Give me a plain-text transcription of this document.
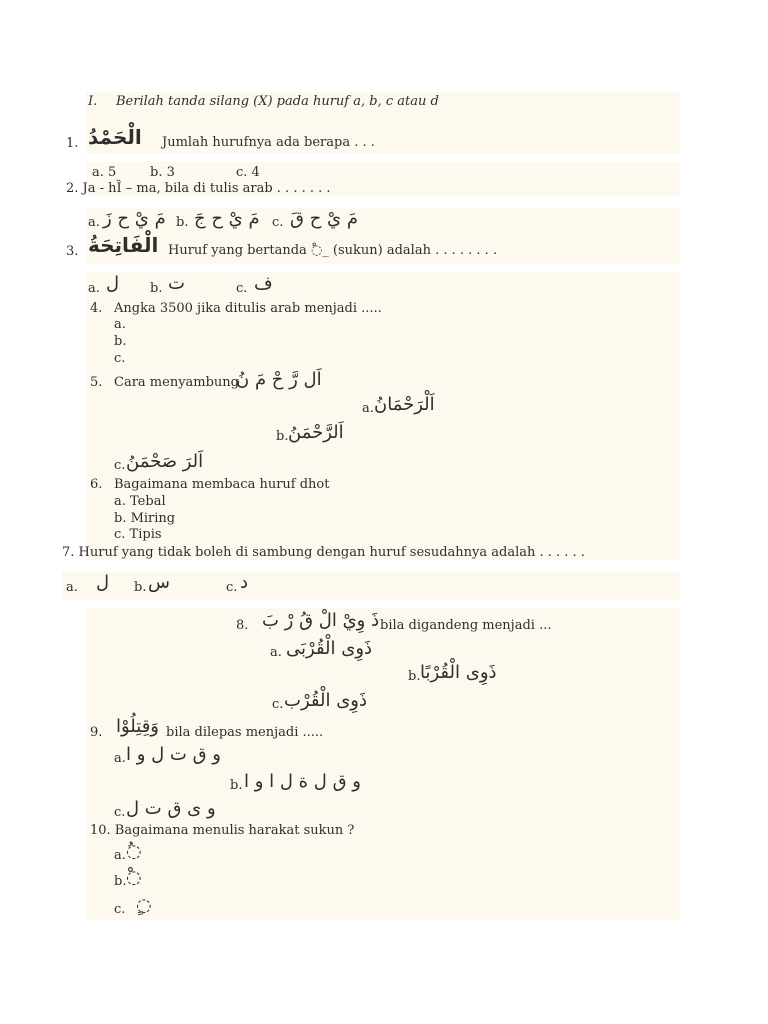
I. Berilah tanda silang (X) pada huruf a, b, c atau d
1. الْحَمْدُ Jumlah hurufnya ada berapa . . .
a. 5	b. 3	c. 4
2. Ja - hȈ – ma, bila di tulis arab . . . . . . .
a. مَ يْ ح زَ b. مَ يْ ح جَ c. مَ يْ ح قَ
3. الْفَاتِحَةُ Huruf yang bertanda ◌ْ_ (sukun) adalah . . . . . . . .
a. ل b. ت	c. ف
4. Angka 3500 jika ditulis arab menjadi .....
a.
b.
c.
5. Cara menyambung
اَل رَّ حْ مَ نُ
a. اَلْرَحْمَانُ
b. اَلرَّحْمَنُ
c. اَلرَ صَحْمَنُ
6. Bagaimana membaca huruf dhot
a. Tebal
b. Miring
c. Tipis
7. Huruf yang tidak boleh di sambung dengan huruf sesudahnya adalah . . . . . .
a. ل b. س	c. د
8. ذَ وِيْ الْ قُ رْ بَ bila digandeng menjadi ...
a. ذَوِى الْقُرْبَى
b. ذَوِى الْقُرْبًا
c. ذَوِى الْقُرْب
9. وَقِتِلُوْا bila dilepas menjadi .....
a. و ق ت ل و ا
b. و ق ل ة ل ا و ا
c. و ى ق ت ل
10. Bagaimana menulis harakat sukun ?
a. ◌ُ
b. ◌ْ
c. ◌ٍ
